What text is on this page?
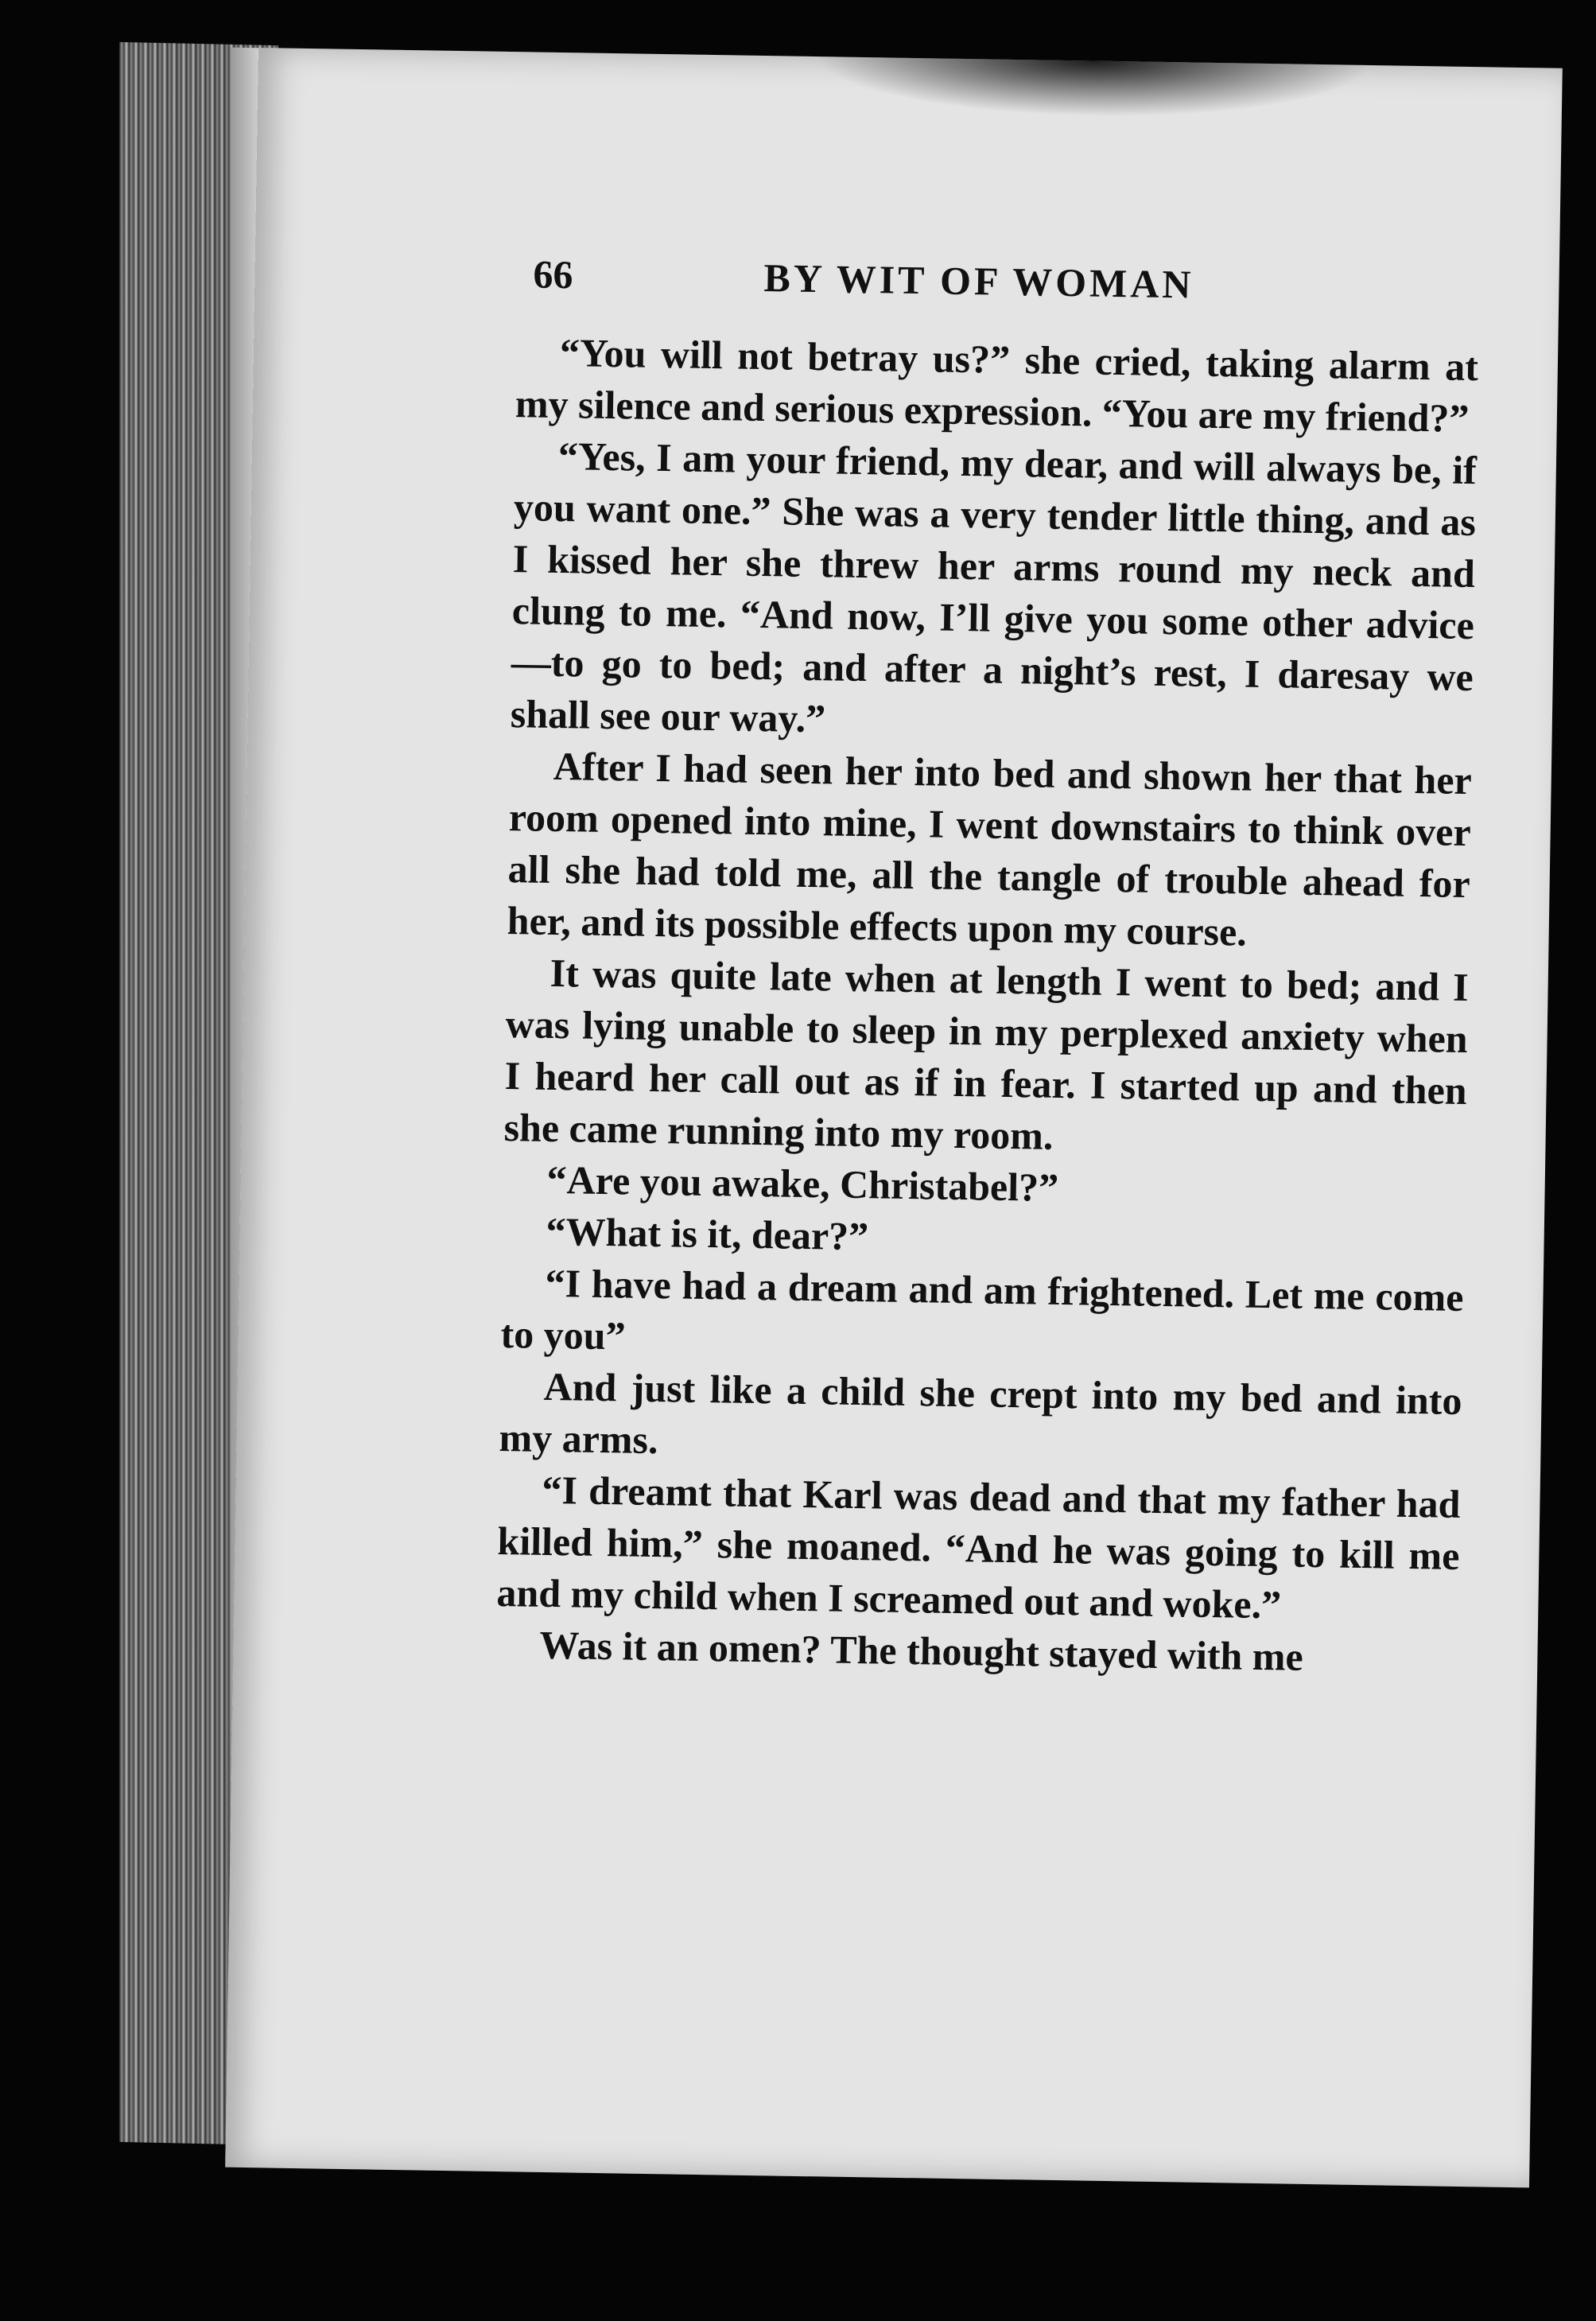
66	BY WIT OF WOMAN

“You will not betray us?” she cried, taking alarm at my silence and serious expression. “You are my friend?”

“Yes, I am your friend, my dear, and will always be, if you want one.” She was a very tender little thing, and as I kissed her she threw her arms round my neck and clung to me. “And now, I’ll give you some other advice—to go to bed; and after a night’s rest, I daresay we shall see our way.”

After I had seen her into bed and shown her that her room opened into mine, I went downstairs to think over all she had told me, all the tangle of trouble ahead for her, and its possible effects upon my course.

It was quite late when at length I went to bed; and I was lying unable to sleep in my perplexed anxiety when I heard her call out as if in fear. I started up and then she came running into my room.

“Are you awake, Christabel?”

“What is it, dear?”

“I have had a dream and am frightened. Let me come to you”

And just like a child she crept into my bed and into my arms.

“I dreamt that Karl was dead and that my father had killed him,” she moaned. “And he was going to kill me and my child when I screamed out and woke.”

Was it an omen? The thought stayed with me
